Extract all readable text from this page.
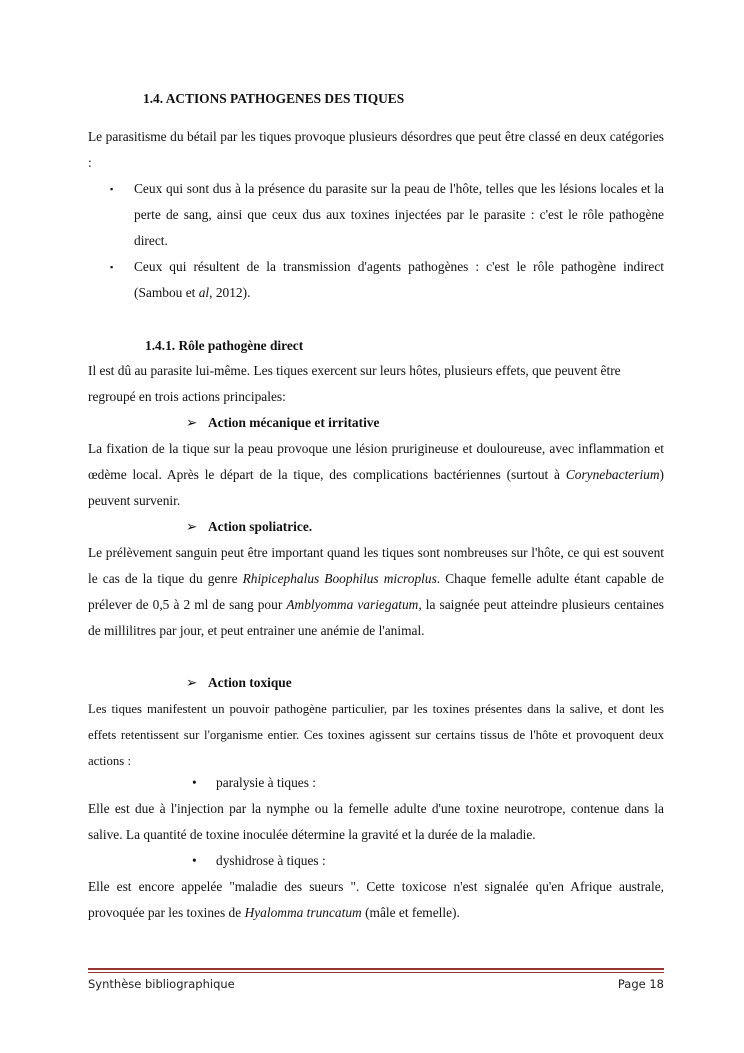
1.4. ACTIONS PATHOGENES DES TIQUES
Le parasitisme du bétail par les tiques provoque plusieurs désordres que peut être classé en deux catégories :
▪ Ceux qui sont dus à la présence du parasite sur la peau de l'hôte, telles que les lésions locales et la perte de sang, ainsi que ceux dus aux toxines injectées par le parasite : c'est le rôle pathogène direct.
▪ Ceux qui résultent de la transmission d'agents pathogènes : c'est le rôle pathogène indirect (Sambou et al, 2012).
1.4.1. Rôle pathogène direct
Il est dû au parasite lui-même. Les tiques exercent sur leurs hôtes, plusieurs effets, que peuvent être regroupé en trois actions principales:
➢ Action mécanique et irritative
La fixation de la tique sur la peau provoque une lésion prurigineuse et douloureuse, avec inflammation et œdème local. Après le départ de la tique, des complications bactériennes (surtout à Corynebacterium) peuvent survenir.
➢ Action spoliatrice.
Le prélèvement sanguin peut être important quand les tiques sont nombreuses sur l'hôte, ce qui est souvent le cas de la tique du genre Rhipicephalus Boophilus microplus. Chaque femelle adulte étant capable de prélever de 0,5 à 2 ml de sang pour Amblyomma variegatum, la saignée peut atteindre plusieurs centaines de millilitres par jour, et peut entrainer une anémie de l'animal.
➢ Action toxique
Les tiques manifestent un pouvoir pathogène particulier, par les toxines présentes dans la salive, et dont les effets retentissent sur l'organisme entier. Ces toxines agissent sur certains tissus de l'hôte et provoquent deux actions :
• paralysie à tiques :
Elle est due à l'injection par la nymphe ou la femelle adulte d'une toxine neurotrope, contenue dans la salive. La quantité de toxine inoculée détermine la gravité et la durée de la maladie.
• dyshidrose à tiques :
Elle est encore appelée "maladie des sueurs ". Cette toxicose n'est signalée qu'en Afrique australe, provoquée par les toxines de Hyalomma truncatum (mâle et femelle).
Synthèse bibliographique	Page 18
